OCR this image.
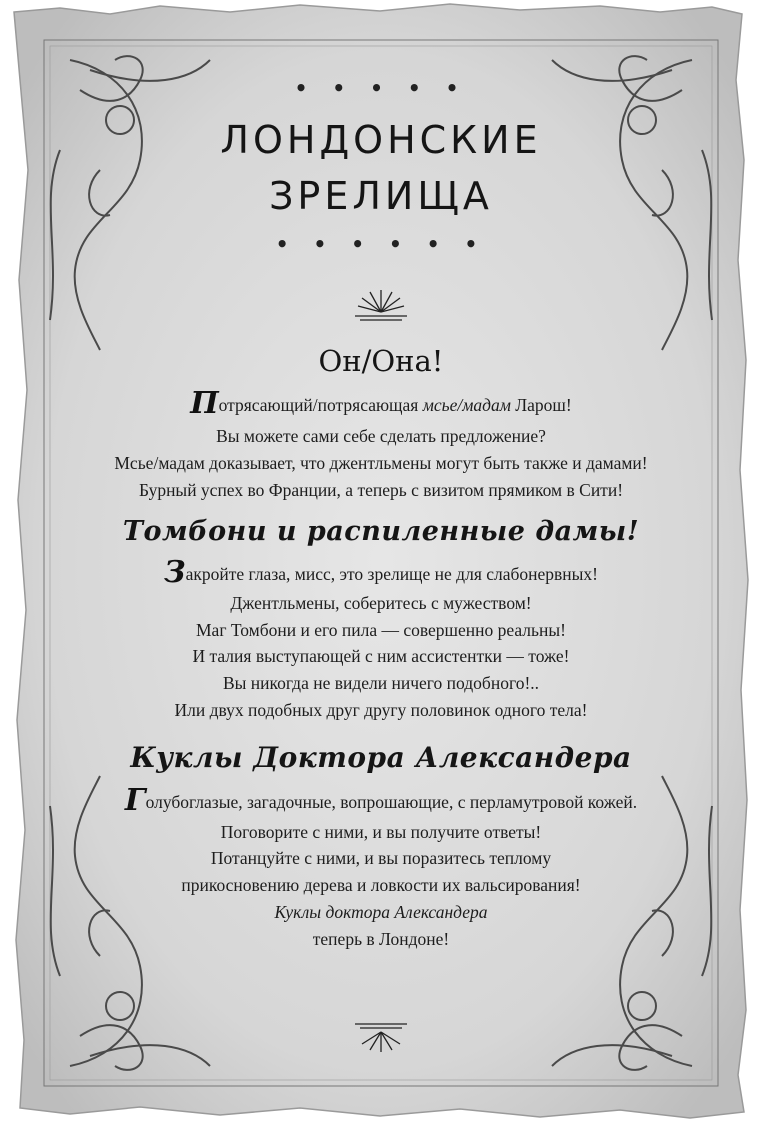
• • • • •
ЛОНДОНСКИЕ
ЗРЕЛИЩА
• • • • • •
Он/Она!
Потрясающий/потрясающая мсье/мадам Ларош!
Вы можете сами себе сделать предложение?
Мсье/мадам доказывает, что джентльмены могут быть также и дамами!
Бурный успех во Франции, а теперь с визитом прямиком в Сити!
Томбони и распиленные дамы!
Закройте глаза, мисс, это зрелище не для слабонервных!
Джентльмены, соберитесь с мужеством!
Маг Томбони и его пила — совершенно реальны!
И талия выступающей с ним ассистентки — тоже!
Вы никогда не видели ничего подобного!..
Или двух подобных друг другу половинок одного тела!
Куклы Доктора Александера
Голубоглазые, загадочные, вопрошающие, с перламутровой кожей.
Поговорите с ними, и вы получите ответы!
Потанцуйте с ними, и вы поразитесь теплому
прикосновению дерева и ловкости их вальсирования!
Куклы доктора Александера
теперь в Лондоне!
